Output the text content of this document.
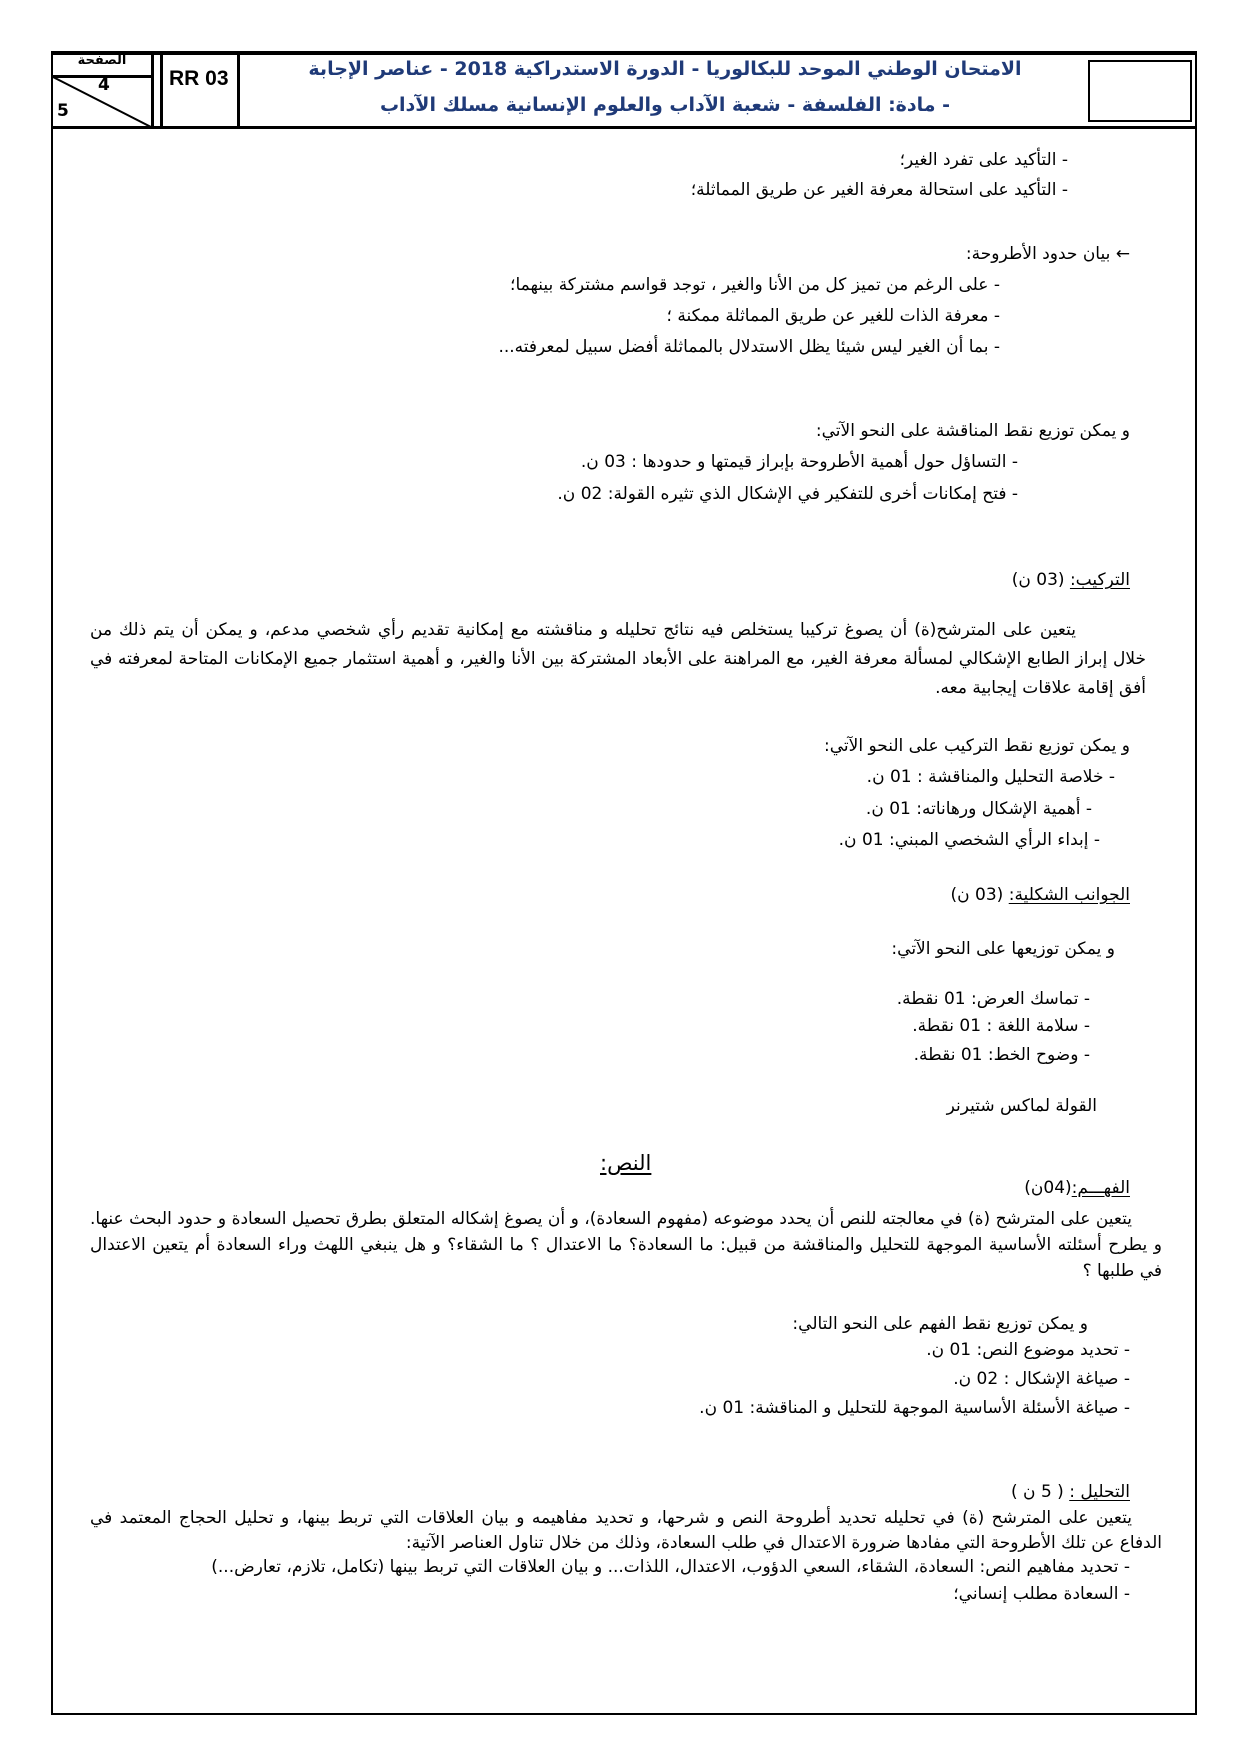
الصفحة
4
5
RR 03	الامتحان الوطني الموحد للبكالوريا - الدورة الاستدراكية 2018 - عناصر الإجابة
- مادة: الفلسفة - شعبة الآداب والعلوم الإنسانية مسلك الآداب
- التأكيد على تفرد الغير؛
- التأكيد على استحالة معرفة الغير عن طريق المماثلة؛
← بيان حدود الأطروحة:
- على الرغم من تميز كل من الأنا والغير ، توجد قواسم مشتركة بينهما؛
- معرفة الذات للغير عن طريق المماثلة ممكنة ؛
- بما أن الغير ليس شيئا يظل الاستدلال بالمماثلة أفضل سبيل لمعرفته...
و يمكن توزيع نقط المناقشة على النحو الآتي:
- التساؤل حول أهمية الأطروحة بإبراز قيمتها و حدودها : 03 ن.
- فتح إمكانات أخرى للتفكير في الإشكال الذي تثيره القولة: 02 ن.
التركيب: (03 ن)
يتعين على المترشح(ة) أن يصوغ تركيبا يستخلص فيه نتائج تحليله و مناقشته مع إمكانية تقديم رأي شخصي مدعم، و يمكن أن يتم ذلك من خلال إبراز الطابع الإشكالي لمسألة معرفة الغير، مع المراهنة على الأبعاد المشتركة بين الأنا والغير، و أهمية استثمار جميع الإمكانات المتاحة لمعرفته في أفق إقامة علاقات إيجابية معه.
و يمكن توزيع نقط التركيب على النحو الآتي:
- خلاصة التحليل والمناقشة : 01 ن.
- أهمية الإشكال ورهاناته: 01 ن.
- إبداء الرأي الشخصي المبني: 01 ن.
الجوانب الشكلية: (03 ن)
و يمكن توزيعها على النحو الآتي:
- تماسك العرض: 01 نقطة.
- سلامة اللغة : 01 نقطة.
- وضوح الخط: 01 نقطة.
القولة لماكس شتيرنر
النص:
الفهـــم:(04ن)
يتعين على المترشح (ة) في معالجته للنص أن يحدد موضوعه (مفهوم السعادة)، و أن يصوغ إشكاله المتعلق بطرق تحصيل السعادة و حدود البحث عنها. و يطرح أسئلته الأساسية الموجهة للتحليل والمناقشة من قبيل: ما السعادة؟ ما الاعتدال ؟ ما الشقاء؟ و هل ينبغي اللهث وراء السعادة أم يتعين الاعتدال في طلبها ؟
و يمكن توزيع نقط الفهم على النحو التالي:
- تحديد موضوع النص: 01 ن.
- صياغة الإشكال : 02 ن.
- صياغة الأسئلة الأساسية الموجهة للتحليل و المناقشة: 01 ن.
التحليل : ( 5 ن )
يتعين على المترشح (ة) في تحليله تحديد أطروحة النص و شرحها، و تحديد مفاهيمه و بيان العلاقات التي تربط بينها، و تحليل الحجاج المعتمد في الدفاع عن تلك الأطروحة التي مفادها ضرورة الاعتدال في طلب السعادة، وذلك من خلال تناول العناصر الآتية:
- تحديد مفاهيم النص: السعادة، الشقاء، السعي الدؤوب، الاعتدال، اللذات... و بيان العلاقات التي تربط بينها (تكامل، تلازم، تعارض...)
- السعادة مطلب إنساني؛
